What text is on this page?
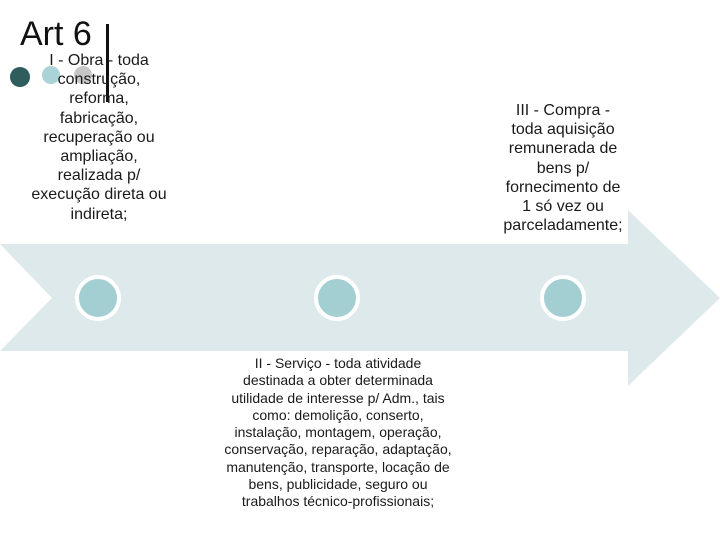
Art 6
I - Obra - toda
construção,
reforma,
fabricação,
recuperação ou
ampliação,
realizada p/
execução direta ou
indireta;
II - Serviço - toda atividade
destinada a obter determinada
utilidade de interesse p/ Adm., tais
como: demolição, conserto,
instalação, montagem, operação,
conservação, reparação, adaptação,
manutenção, transporte, locação de
bens, publicidade, seguro ou
trabalhos técnico-profissionais;
III - Compra -
toda aquisição
remunerada de
bens p/
fornecimento de
1 só vez ou
parceladamente;
